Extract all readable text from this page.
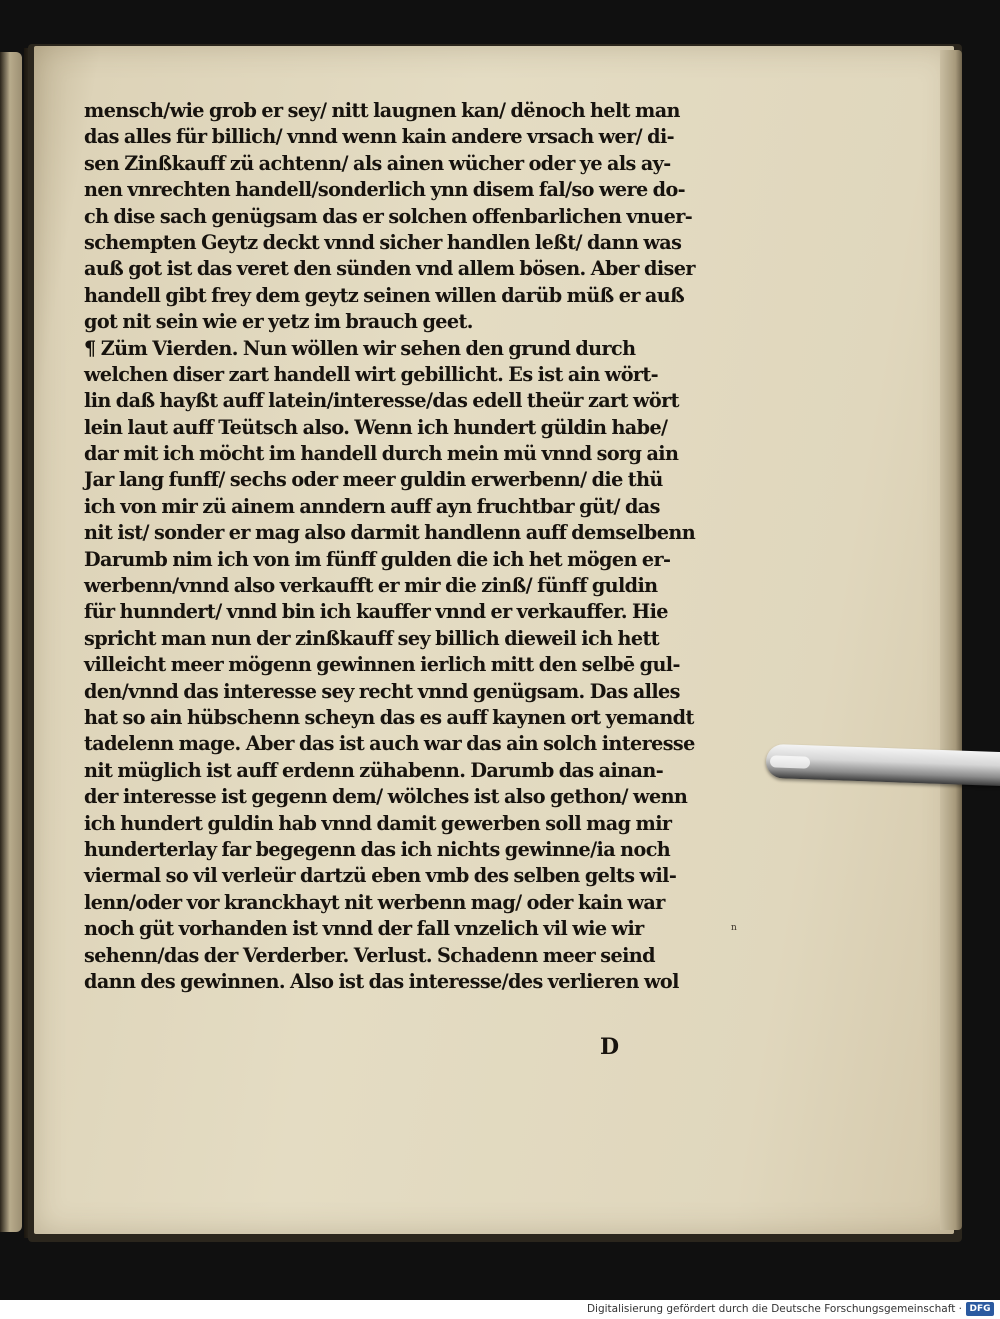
mensch/wie grob er sey/ nitt laugnen kan/ dënoch helt man
das alles für billich/ vnnd wenn kain andere vrsach wer/ di-
sen Zinßkauff zü achtenn/ als ainen wücher oder ye als ay-
nen vnrechten handell/sonderlich ynn disem fal/so were do-
ch dise sach genügsam das er solchen offenbarlichen vnuer-
schempten Geytz deckt vnnd sicher handlen leßt/ dann was
auß got ist das veret den sünden vnd allem bösen. Aber diser
handell gibt frey dem geytz seinen willen darüb müß er auß
got nit sein wie er yetz im brauch geet.
¶ Züm Vierden. Nun wöllen wir sehen den grund durch
welchen diser zart handell wirt gebillicht. Es ist ain wört-
lin daß hayßt auff latein/interesse/das edell theür zart wört
lein laut auff Teütsch also. Wenn ich hundert güldin habe/
dar mit ich möcht im handell durch mein mü vnnd sorg ain
Jar lang funff/ sechs oder meer guldin erwerbenn/ die thü
ich von mir zü ainem anndern auff ayn fruchtbar güt/ das
nit ist/ sonder er mag also darmit handlenn auff demselbenn
Darumb nim ich von im fünff gulden die ich het mögen er-
werbenn/vnnd also verkaufft er mir die zinß/ fünff guldin
für hunndert/ vnnd bin ich kauffer vnnd er verkauffer. Hie
spricht man nun der zinßkauff sey billich dieweil ich hett
villeicht meer mögenn gewinnen ierlich mitt den selbē gul-
den/vnnd das interesse sey recht vnnd genügsam. Das alles
hat so ain hübschenn scheyn das es auff kaynen ort yemandt
tadelenn mage. Aber das ist auch war das ain solch interesse
nit müglich ist auff erdenn zühabenn. Darumb das ainan-
der interesse ist gegenn dem/ wölches ist also gethon/ wenn
ich hundert guldin hab vnnd damit gewerben soll mag mir
hunderterlay far begegenn das ich nichts gewinne/ia noch
viermal so vil verleür dartzü eben vmb des selben gelts wil-
lenn/oder vor kranckhayt nit werbenn mag/ oder kain war
noch güt vorhanden ist vnnd der fall vnzelich vil wie wir
sehenn/das der Verderber. Verlust. Schadenn meer seind
dann des gewinnen. Also ist das interesse/des verlieren wol
D
n
Digitalisierung gefördert durch die Deutsche Forschungsgemeinschaft · DFG
